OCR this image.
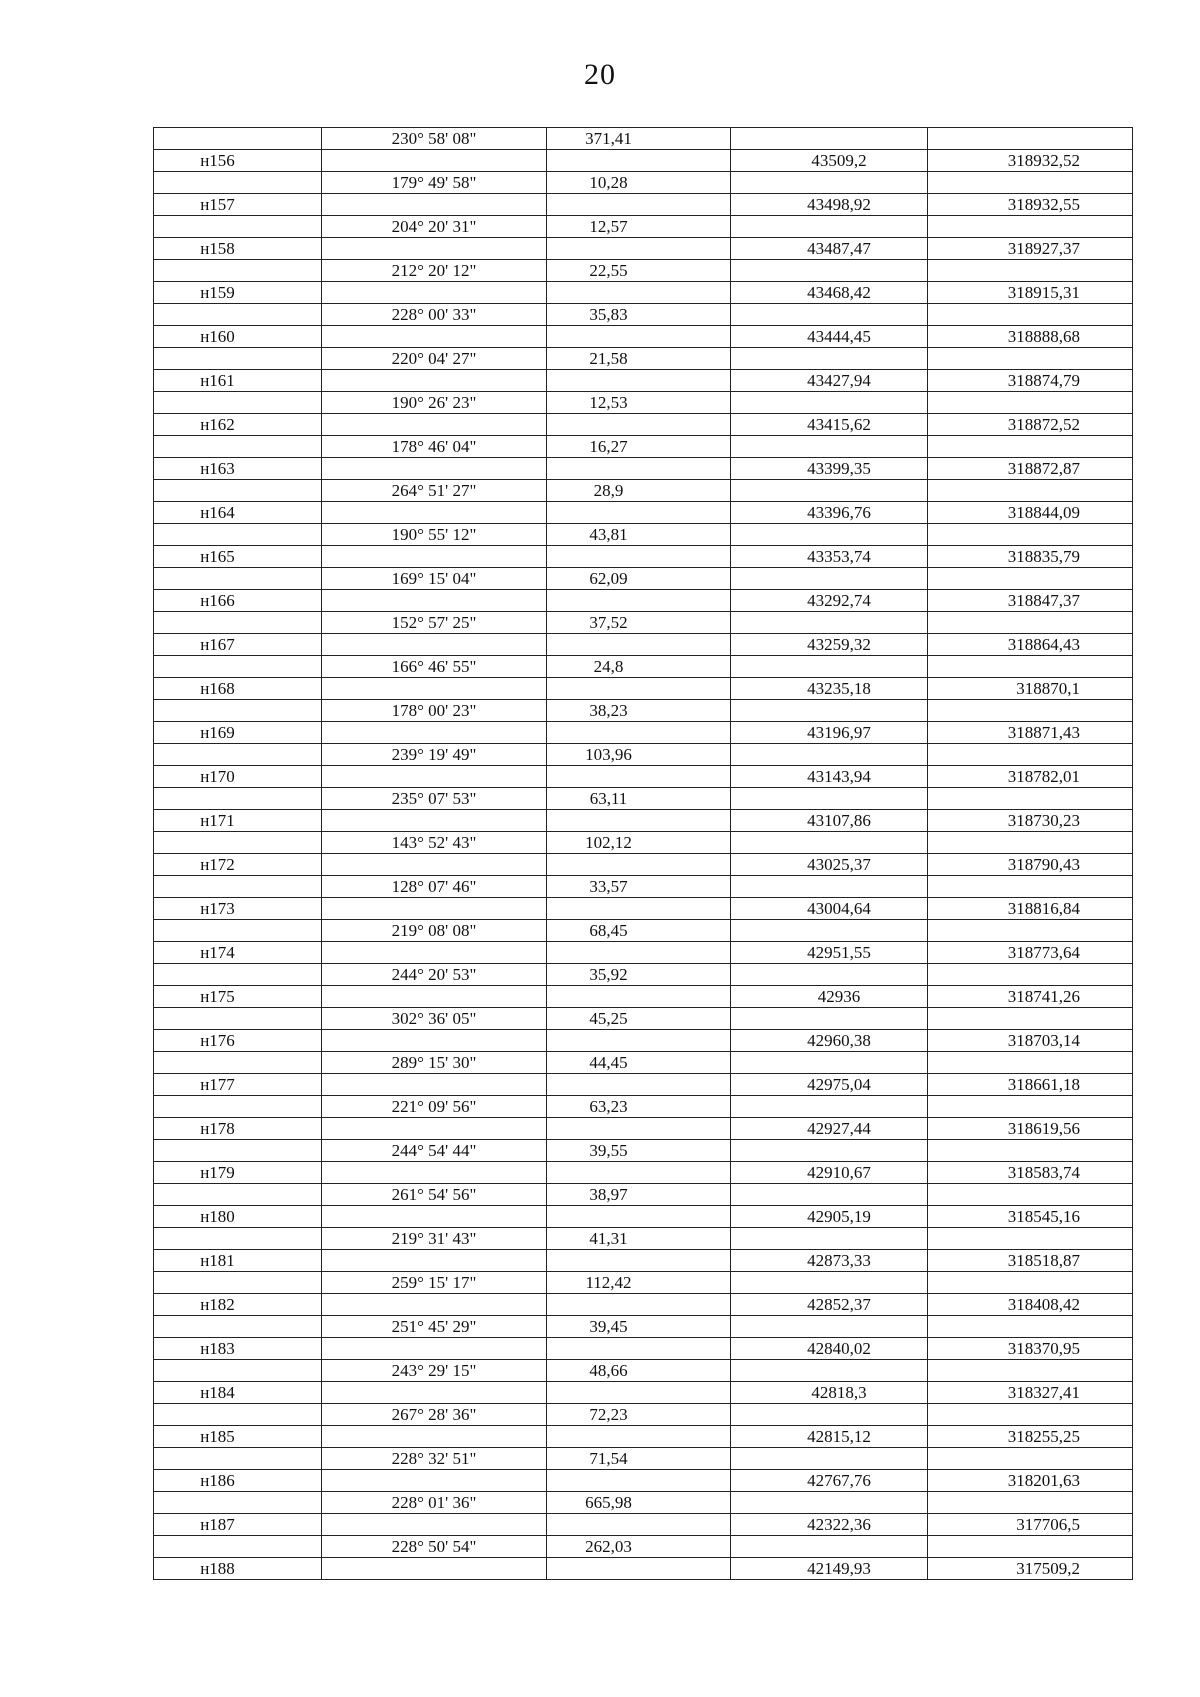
20
	230° 58' 08"	371,41		
н156			43509,2	318932,52
	179° 49' 58"	10,28		
н157			43498,92	318932,55
	204° 20' 31"	12,57		
н158			43487,47	318927,37
	212° 20' 12"	22,55		
н159			43468,42	318915,31
	228° 00' 33"	35,83		
н160			43444,45	318888,68
	220° 04' 27"	21,58		
н161			43427,94	318874,79
	190° 26' 23"	12,53		
н162			43415,62	318872,52
	178° 46' 04"	16,27		
н163			43399,35	318872,87
	264° 51' 27"	28,9		
н164			43396,76	318844,09
	190° 55' 12"	43,81		
н165			43353,74	318835,79
	169° 15' 04"	62,09		
н166			43292,74	318847,37
	152° 57' 25"	37,52		
н167			43259,32	318864,43
	166° 46' 55"	24,8		
н168			43235,18	318870,1
	178° 00' 23"	38,23		
н169			43196,97	318871,43
	239° 19' 49"	103,96		
н170			43143,94	318782,01
	235° 07' 53"	63,11		
н171			43107,86	318730,23
	143° 52' 43"	102,12		
н172			43025,37	318790,43
	128° 07' 46"	33,57		
н173			43004,64	318816,84
	219° 08' 08"	68,45		
н174			42951,55	318773,64
	244° 20' 53"	35,92		
н175			42936	318741,26
	302° 36' 05"	45,25		
н176			42960,38	318703,14
	289° 15' 30"	44,45		
н177			42975,04	318661,18
	221° 09' 56"	63,23		
н178			42927,44	318619,56
	244° 54' 44"	39,55		
н179			42910,67	318583,74
	261° 54' 56"	38,97		
н180			42905,19	318545,16
	219° 31' 43"	41,31		
н181			42873,33	318518,87
	259° 15' 17"	112,42		
н182			42852,37	318408,42
	251° 45' 29"	39,45		
н183			42840,02	318370,95
	243° 29' 15"	48,66		
н184			42818,3	318327,41
	267° 28' 36"	72,23		
н185			42815,12	318255,25
	228° 32' 51"	71,54		
н186			42767,76	318201,63
	228° 01' 36"	665,98		
н187			42322,36	317706,5
	228° 50' 54"	262,03		
н188			42149,93	317509,2
